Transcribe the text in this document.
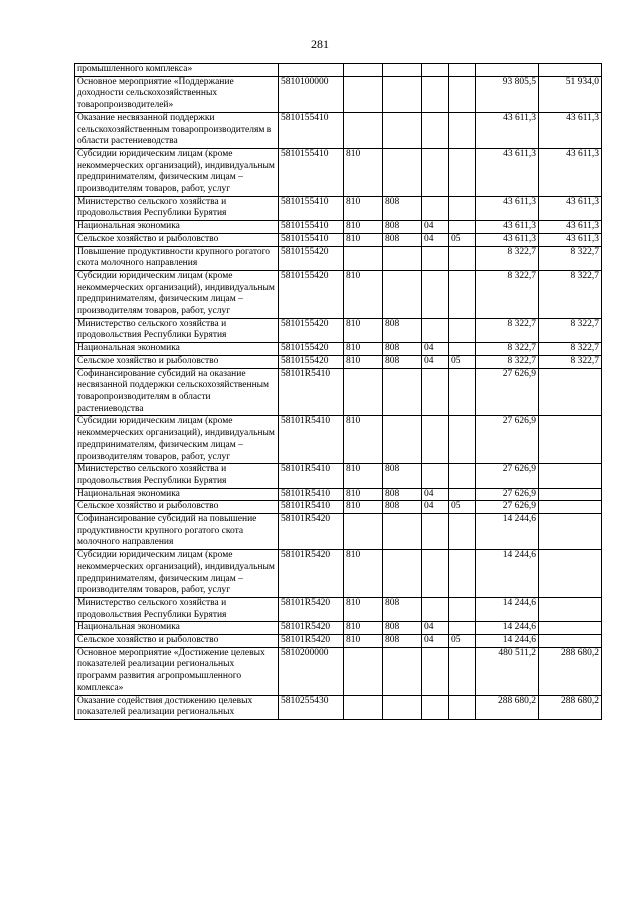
281
промышленного комплекса»							
Основное мероприятие «Поддержание доходности сельскохозяйственных товаропроизводителей»	5810100000					93 805,5	51 934,0
Оказание несвязанной поддержки сельскохозяйственным товаропроизводителям в области растениеводства	5810155410					43 611,3	43 611,3
Субсидии юридическим лицам (кроме некоммерческих организаций), индивидуальным предпринимателям, физическим лицам – производителям товаров, работ, услуг	5810155410	810				43 611,3	43 611,3
Министерство сельского хозяйства и продовольствия Республики Бурятия	5810155410	810	808			43 611,3	43 611,3
Национальная экономика	5810155410	810	808	04		43 611,3	43 611,3
Сельское хозяйство и рыболовство	5810155410	810	808	04	05	43 611,3	43 611,3
Повышение продуктивности крупного рогатого скота молочного направления	5810155420					8 322,7	8 322,7
Субсидии юридическим лицам (кроме некоммерческих организаций), индивидуальным предпринимателям, физическим лицам – производителям товаров, работ, услуг	5810155420	810				8 322,7	8 322,7
Министерство сельского хозяйства и продовольствия Республики Бурятия	5810155420	810	808			8 322,7	8 322,7
Национальная экономика	5810155420	810	808	04		8 322,7	8 322,7
Сельское хозяйство и рыболовство	5810155420	810	808	04	05	8 322,7	8 322,7
Софинансирование субсидий на оказание несвязанной поддержки сельскохозяйственным товаропроизводителям в области растениеводства	58101R5410					27 626,9	
Субсидии юридическим лицам (кроме некоммерческих организаций), индивидуальным предпринимателям, физическим лицам – производителям товаров, работ, услуг	58101R5410	810				27 626,9	
Министерство сельского хозяйства и продовольствия Республики Бурятия	58101R5410	810	808			27 626,9	
Национальная экономика	58101R5410	810	808	04		27 626,9	
Сельское хозяйство и рыболовство	58101R5410	810	808	04	05	27 626,9	
Софинансирование субсидий на повышение продуктивности крупного рогатого скота молочного направления	58101R5420					14 244,6	
Субсидии юридическим лицам (кроме некоммерческих организаций), индивидуальным предпринимателям, физическим лицам – производителям товаров, работ, услуг	58101R5420	810				14 244,6	
Министерство сельского хозяйства и продовольствия Республики Бурятия	58101R5420	810	808			14 244,6	
Национальная экономика	58101R5420	810	808	04		14 244,6	
Сельское хозяйство и рыболовство	58101R5420	810	808	04	05	14 244,6	
Основное мероприятие «Достижение целевых показателей реализации региональных программ развития агропромышленного комплекса»	5810200000					480 511,2	288 680,2
Оказание содействия достижению целевых показателей реализации региональных	5810255430					288 680,2	288 680,2
